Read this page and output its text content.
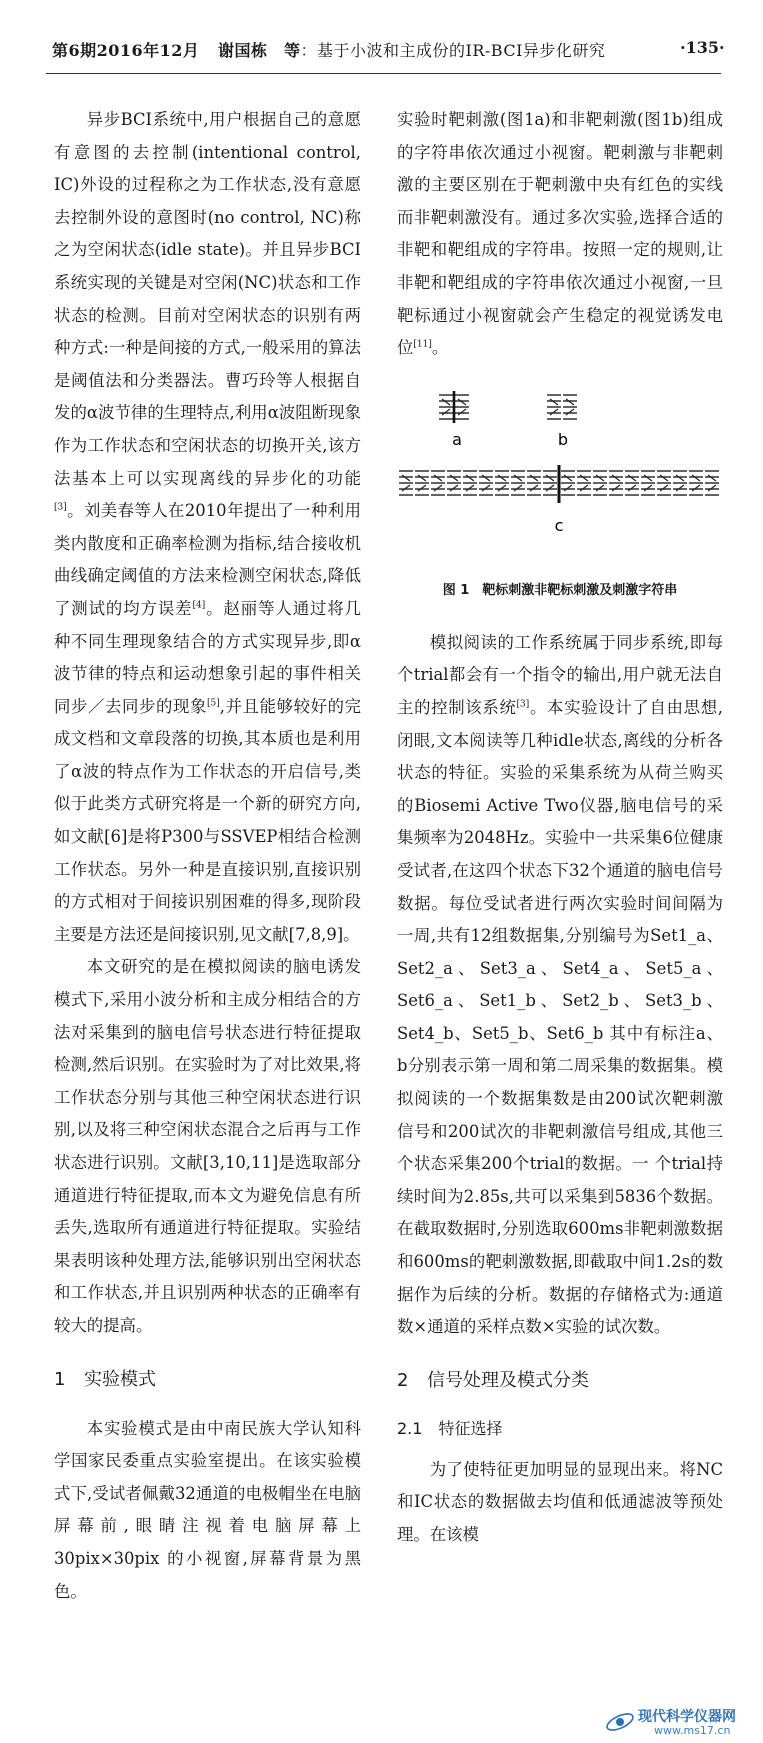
第6期2016年12月 谢国栋　等：基于小波和主成份的IR-BCI异步化研究	·135·

异步BCI系统中,用户根据自己的意愿有意图的去控制(intentional control, IC)外设的过程称之为工作状态,没有意愿去控制外设的意图时(no control, NC)称之为空闲状态(idle state)。并且异步BCI系统实现的关键是对空闲(NC)状态和工作状态的检测。目前对空闲状态的识别有两种方式:一种是间接的方式,一般采用的算法是阈值法和分类器法。曹巧玲等人根据自发的α波节律的生理特点,利用α波阻断现象作为工作状态和空闲状态的切换开关,该方法基本上可以实现离线的异步化的功能[3]。刘美春等人在2010年提出了一种利用类内散度和正确率检测为指标,结合接收机曲线确定阈值的方法来检测空闲状态,降低了测试的均方误差[4]。赵丽等人通过将几种不同生理现象结合的方式实现异步,即α波节律的特点和运动想象引起的事件相关同步／去同步的现象[5],并且能够较好的完成文档和文章段落的切换,其本质也是利用了α波的特点作为工作状态的开启信号,类似于此类方式研究将是一个新的研究方向,如文献[6]是将P300与SSVEP相结合检测工作状态。另外一种是直接识别,直接识别的方式相对于间接识别困难的得多,现阶段主要是方法还是间接识别,见文献[7,8,9]。

本文研究的是在模拟阅读的脑电诱发模式下,采用小波分析和主成分相结合的方法对采集到的脑电信号状态进行特征提取检测,然后识别。在实验时为了对比效果,将工作状态分别与其他三种空闲状态进行识别,以及将三种空闲状态混合之后再与工作状态进行识别。文献[3,10,11]是选取部分通道进行特征提取,而本文为避免信息有所丢失,选取所有通道进行特征提取。实验结果表明该种处理方法,能够识别出空闲状态和工作状态,并且识别两种状态的正确率有较大的提高。

1 实验模式

本实验模式是由中南民族大学认知科学国家民委重点实验室提出。在该实验模式下,受试者佩戴32通道的电极帽坐在电脑屏幕前,眼睛注视着电脑屏幕上 30pix×30pix 的小视窗,屏幕背景为黑色。

实验时靶刺激(图1a)和非靶刺激(图1b)组成的字符串依次通过小视窗。靶刺激与非靶刺激的主要区别在于靶刺激中央有红色的实线而非靶刺激没有。通过多次实验,选择合适的非靶和靶组成的字符串。按照一定的规则,让非靶和靶组成的字符串依次通过小视窗,一旦靶标通过小视窗就会产生稳定的视觉诱发电位[11]。

a	b
c
图 1　靶标刺激非靶标刺激及刺激字符串

模拟阅读的工作系统属于同步系统,即每个trial都会有一个指令的输出,用户就无法自主的控制该系统[3]。本实验设计了自由思想,闭眼,文本阅读等几种idle状态,离线的分析各状态的特征。实验的采集系统为从荷兰购买的Biosemi Active Two仪器,脑电信号的采　集频率为2048Hz。实验中一共采集6位健康受试者,在这四个状态下32个通道的脑电信号数据。每位受试者进行两次实验时间间隔为一周,共有12组数据集,分别编号为Set1_a、Set2_a、Set3_a、Set4_a、Set5_a、Set6_a、Set1_b、Set2_b、Set3_b、Set4_b、Set5_b、Set6_b 其中有标注a、b分别表示第一周和第二周采集的数据集。模拟阅读的一个数据集数是由200试次靶刺激信号和200试次的非靶刺激信号组成,其他三个状态采集200个trial的数据。一 个trial持续时间为2.85s,共可以采集到5836个数据。在截取数据时,分别选取600ms非靶刺激数据和600ms的靶刺激数据,即截取中间1.2s的数据作为后续的分析。数据的存储格式为:通道数×通道的采样点数×实验的试次数。

2 信号处理及模式分类
2.1　 特征选择

为了使特征更加明显的显现出来。将NC和IC状态的数据做去均值和低通滤波等预处理。在该模

现代科学仪器网
www.ms17.cn
